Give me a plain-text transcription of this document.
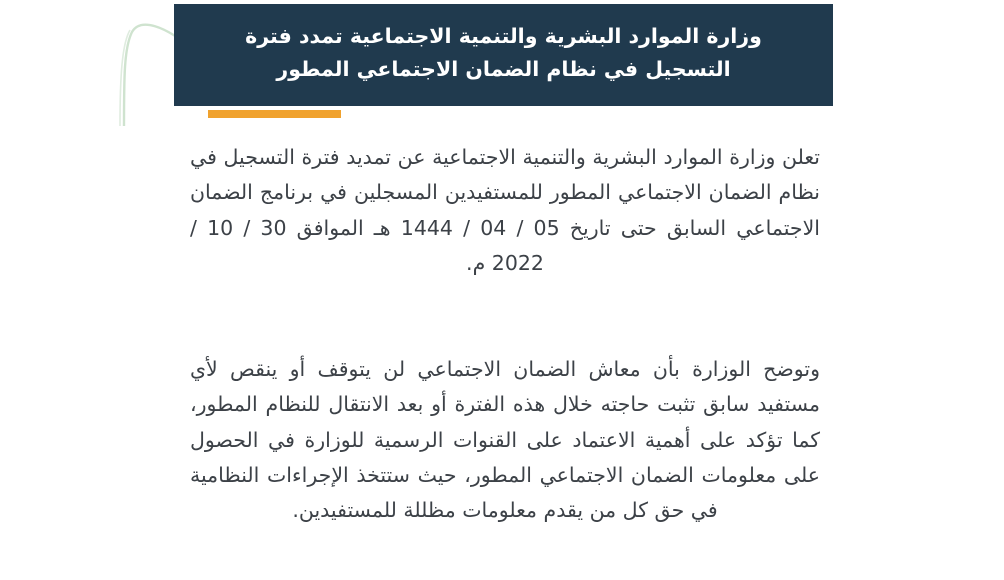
وزارة الموارد البشرية والتنمية الاجتماعية تمدد فترة التسجيل في نظام الضمان الاجتماعي المطور
تعلن وزارة الموارد البشرية والتنمية الاجتماعية عن تمديد فترة التسجيل في نظام الضمان الاجتماعي المطور للمستفيدين المسجلين في برنامج الضمان الاجتماعي السابق حتى تاريخ 05 / 04 / 1444 هـ الموافق 30 / 10 / 2022 م.
وتوضح الوزارة بأن معاش الضمان الاجتماعي لن يتوقف أو ينقص لأي مستفيد سابق تثبت حاجته خلال هذه الفترة أو بعد الانتقال للنظام المطور، كما تؤكد على أهمية الاعتماد على القنوات الرسمية للوزارة في الحصول على معلومات الضمان الاجتماعي المطور، حيث ستتخذ الإجراءات النظامية في حق كل من يقدم معلومات مظللة للمستفيدين.
